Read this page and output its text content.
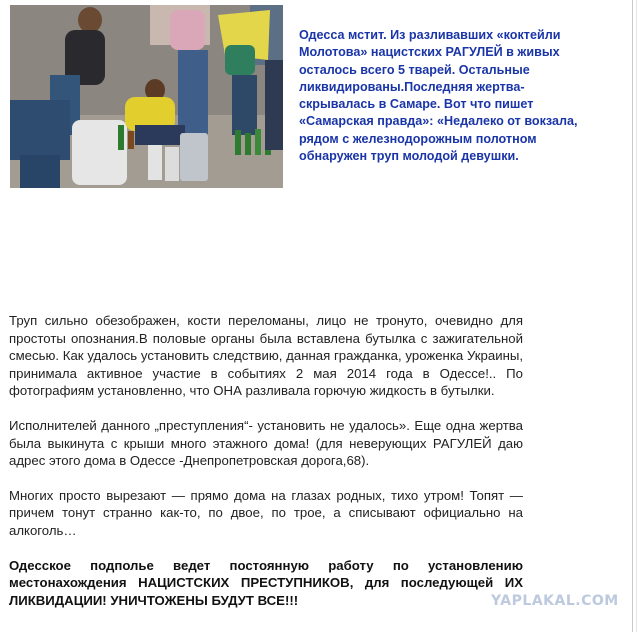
Одесса мстит. Из разливавших «коктейли Молотова» нацистских РАГУЛЕЙ в живых осталось всего 5 тварей. Остальные ликвидированы.Последняя жертва- скрывалась в Самаре. Вот что пишет «Самарская правда»: «Недалеко от вокзала, рядом с железнодорожным полотном обнаружен труп молодой девушки.

Труп сильно обезображен, кости переломаны, лицо не тронуто, очевидно для простоты опознания.В половые органы была вставлена бутылка с зажигательной смесью. Как удалось установить следствию, данная гражданка, уроженка Украины, принимала активное участие в событиях 2 мая 2014 года в Одессе!.. По фотографиям установленно, что ОНА разливала горючую жидкость в бутылки.

Исполнителей данного „преступления“- установить не удалось». Еще одна жертва была выкинута с крыши много этажного дома! (для неверующих РАГУЛЕЙ даю адрес этого дома в Одессе -Днепропетровская дорога,68).

Многих просто вырезают — прямо дома на глазах родных, тихо утром! Топят — причем тонут странно как-то, по двое, по трое, а списывают официально на алкоголь…

Одесское подполье ведет постоянную работу по установлению местонахождения НАЦИСТСКИХ ПРЕСТУПНИКОВ, для последующей ИХ ЛИКВИДАЦИИ! УНИЧТОЖЕНЫ БУДУТ ВСЕ!!!	YAPLAKAL.COM
